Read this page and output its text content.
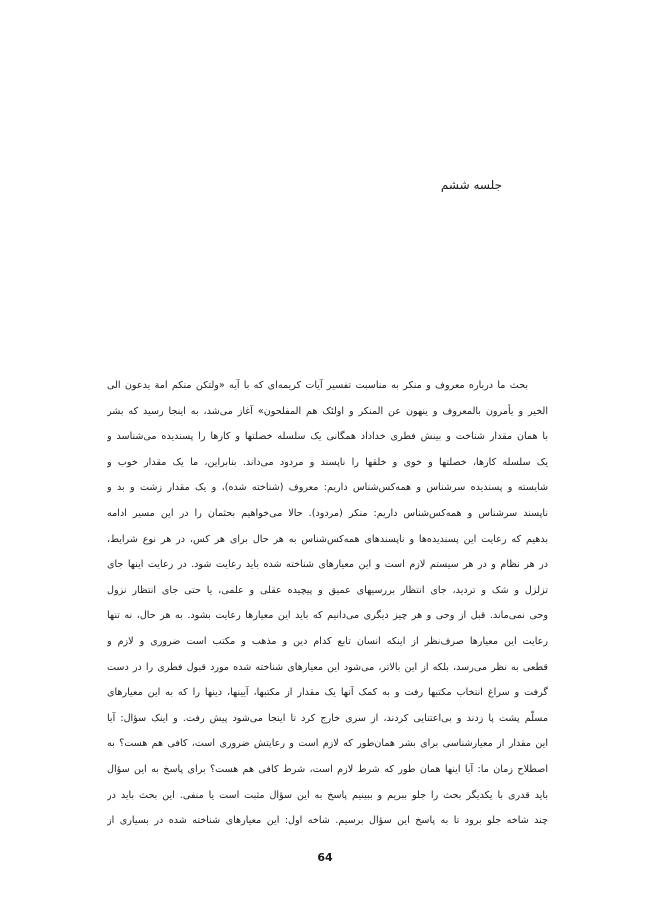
جلسه ششم
بحث ما درباره معروف و منکر به مناسبت تفسیر آیات کریمه‌ای که با آیه «ولتکن منکم امة یدعون الی
الخیر و یأمرون بالمعروف و ینهون عن المنکر و اولئک هم المفلحون» آغاز می‌شد، به اینجا رسید که بشر
با همان مقدار شناخت و بینش فطری خداداد همگانی یک سلسله خصلتها و کارها را پسندیده می‌شناسد و
یک سلسله کارها، خصلتها و خوی و خلقها را ناپسند و مردود می‌داند. بنابراین، ما یک مقدار خوب و
شایسته و پسندیده سرشناس و همه‌کس‌شناس داریم: معروف (شناخته شده)، و یک مقدار زشت و بد و
ناپسند سرشناس و همه‌کس‌شناس داریم: منکر (مردود). حالا می‌خواهیم بحثمان را در این مسیر ادامه
بدهیم که رعایت این پسندیده‌ها و ناپسندهای همه‌کس‌شناس به هر حال برای هر کس، در هر نوع شرایط،
در هر نظام و در هر سیستم لازم است و این معیارهای شناخته شده باید رعایت شود. در رعایت اینها جای
تزلزل و شک و تردید، جای انتظار بررسیهای عمیق و پیچیده عقلی و علمی، یا حتی جای انتظار نزول
وحی نمی‌ماند. قبل از وحی و هر چیز دیگری می‌دانیم که باید این معیارها رعایت بشود. به هر حال، نه تنها
رعایت این معیارها صرف‌نظر از اینکه انسان تابع کدام دین و مذهب و مکتب است ضروری و لازم و
قطعی به نظر می‌رسد، بلکه از این بالاتر، می‌شود این معیارهای شناخته شده مورد قبول فطری را در دست
گرفت و سراغ انتخاب مکتبها رفت و به کمک آنها یک مقدار از مکتبها، آیینها، دینها را که به این معیارهای
مسلّم پشت پا زدند و بی‌اعتنایی کردند، از سری خارج کرد تا اینجا می‌شود پیش رفت. و اینک سؤال: آیا
این مقدار از معیارشناسی برای بشر همان‌طور که لازم است و رعایتش ضروری است، کافی هم هست؟ به
اصطلاح زمان ما: آیا اینها همان طور که شرط لازم است، شرط کافی هم هست؟ برای پاسخ به این سؤال
باید قدری با یکدیگر بحث را جلو ببریم و ببینیم پاسخ به این سؤال مثبت است یا منفی. این بحث باید در
چند شاخه جلو برود تا به پاسخ این سؤال برسیم. شاخه اول: این معیارهای شناخته شده در بسیاری از
64
